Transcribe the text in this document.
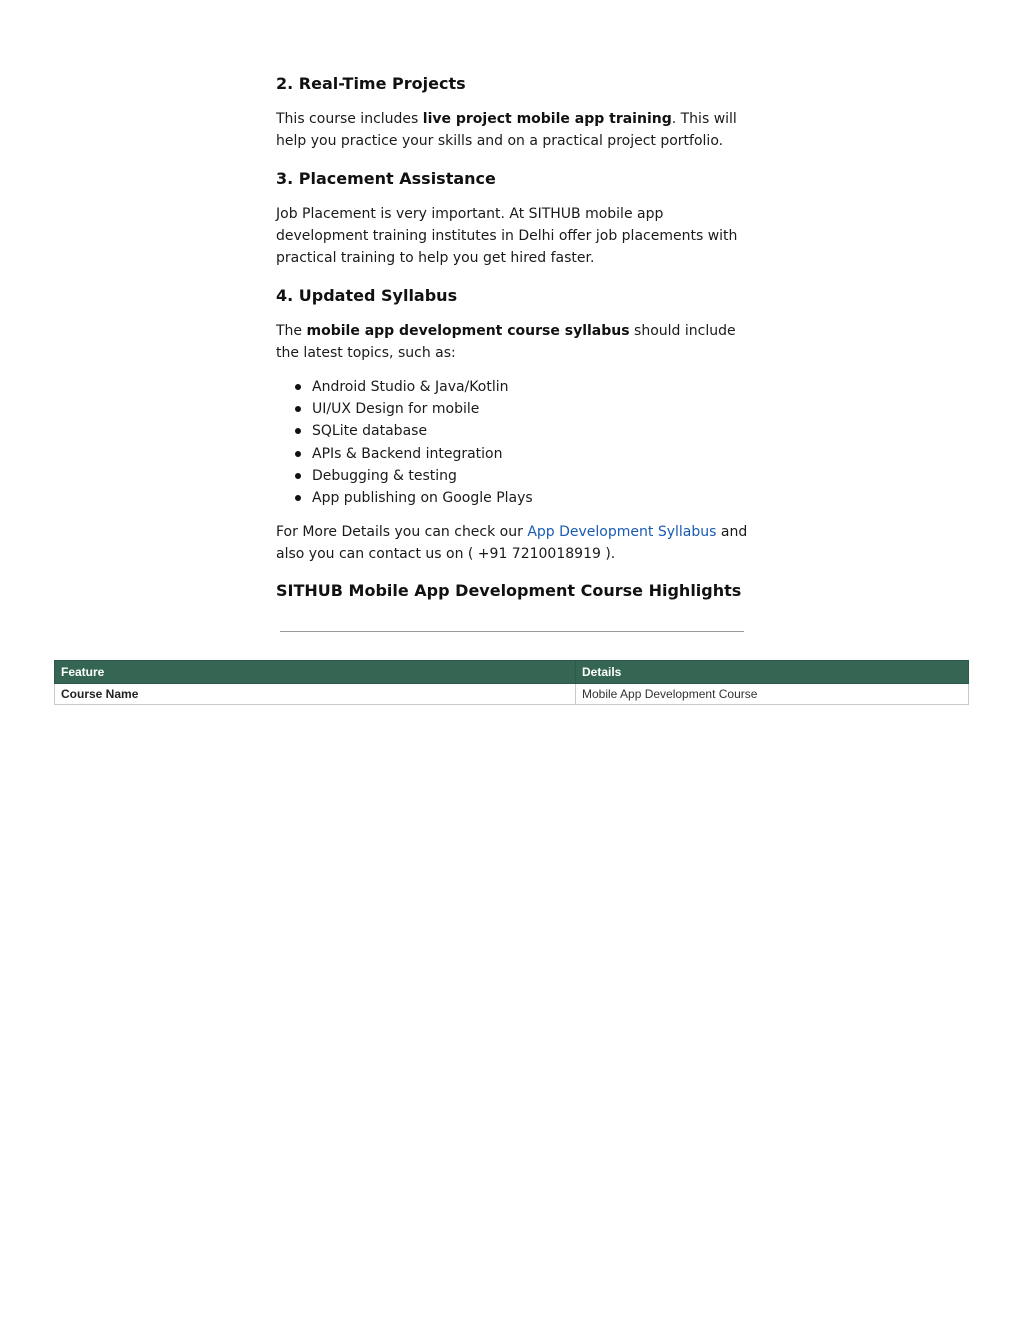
2. Real-Time Projects

This course includes live project mobile app training. This will help you practice your skills and on a practical project portfolio.

3. Placement Assistance

Job Placement is very important. At SITHUB mobile app development training institutes in Delhi offer job placements with practical training to help you get hired faster.

4. Updated Syllabus

The mobile app development course syllabus should include the latest topics, such as:

Android Studio & Java/Kotlin
UI/UX Design for mobile
SQLite database
APIs & Backend integration
Debugging & testing
App publishing on Google Plays

For More Details you can check our App Development Syllabus and also you can contact us on ( +91 7210018919 ).

SITHUB Mobile App Development Course Highlights
Feature	Details
Course Name	Mobile App Development Course
